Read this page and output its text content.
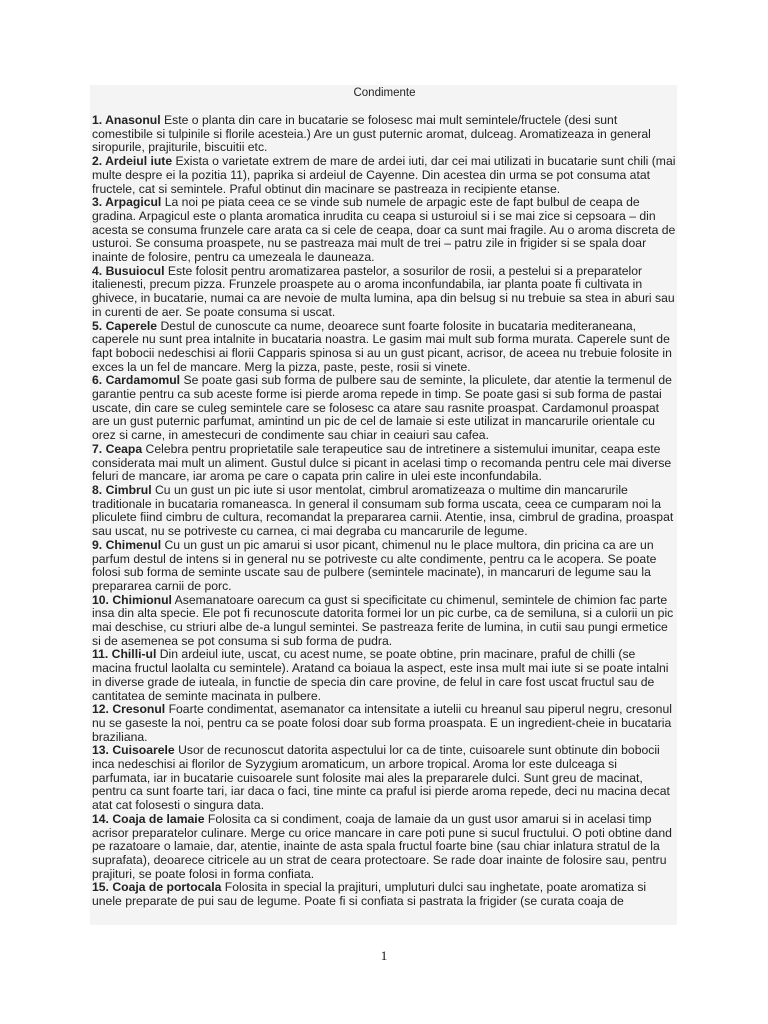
Condimente

1. Anasonul Este o planta din care in bucatarie se folosesc mai mult semintele/fructele (desi sunt comestibile si tulpinile si florile acesteia.) Are un gust puternic aromat, dulceag. Aromatizeaza in general siropurile, prajiturile, biscuitii etc.

2. Ardeiul iute Exista o varietate extrem de mare de ardei iuti, dar cei mai utilizati in bucatarie sunt chili (mai multe despre ei la pozitia 11), paprika si ardeiul de Cayenne. Din acestea din urma se pot consuma atat fructele, cat si semintele. Praful obtinut din macinare se pastreaza in recipiente etanse.

3. Arpagicul La noi pe piata ceea ce se vinde sub numele de arpagic este de fapt bulbul de ceapa de gradina. Arpagicul este o planta aromatica inrudita cu ceapa si usturoiul si i se mai zice si cepsoara – din acesta se consuma frunzele care arata ca si cele de ceapa, doar ca sunt mai fragile. Au o aroma discreta de usturoi. Se consuma proaspete, nu se pastreaza mai mult de trei – patru zile in frigider si se spala doar inainte de folosire, pentru ca umezeala le dauneaza.

4. Busuiocul Este folosit pentru aromatizarea pastelor, a sosurilor de rosii, a pestelui si a preparatelor italienesti, precum pizza. Frunzele proaspete au o aroma inconfundabila, iar planta poate fi cultivata in ghivece, in bucatarie, numai ca are nevoie de multa lumina, apa din belsug si nu trebuie sa stea in aburi sau in curenti de aer. Se poate consuma si uscat.

5. Caperele Destul de cunoscute ca nume, deoarece sunt foarte folosite in bucataria mediteraneana, caperele nu sunt prea intalnite in bucataria noastra. Le gasim mai mult sub forma murata. Caperele sunt de fapt bobocii nedeschisi ai florii Capparis spinosa si au un gust picant, acrisor, de aceea nu trebuie folosite in exces la un fel de mancare. Merg la pizza, paste, peste, rosii si vinete.

6. Cardamomul Se poate gasi sub forma de pulbere sau de seminte, la pliculete, dar atentie la termenul de garantie pentru ca sub aceste forme isi pierde aroma repede in timp. Se poate gasi si sub forma de pastai uscate, din care se culeg semintele care se folosesc ca atare sau rasnite proaspat. Cardamonul proaspat are un gust puternic parfumat, amintind un pic de cel de lamaie si este utilizat in mancarurile orientale cu orez si carne, in amestecuri de condimente sau chiar in ceaiuri sau cafea.

7. Ceapa Celebra pentru proprietatile sale terapeutice sau de intretinere a sistemului imunitar, ceapa este considerata mai mult un aliment. Gustul dulce si picant in acelasi timp o recomanda pentru cele mai diverse feluri de mancare, iar aroma pe care o capata prin calire in ulei este inconfundabila.

8. Cimbrul Cu un gust un pic iute si usor mentolat, cimbrul aromatizeaza o multime din mancarurile traditionale in bucataria romaneasca. In general il consumam sub forma uscata, ceea ce cumparam noi la pliculete fiind cimbru de cultura, recomandat la prepararea carnii. Atentie, insa, cimbrul de gradina, proaspat sau uscat, nu se potriveste cu carnea, ci mai degraba cu mancarurile de legume.

9. Chimenul Cu un gust un pic amarui si usor picant, chimenul nu le place multora, din pricina ca are un parfum destul de intens si in general nu se potriveste cu alte condimente, pentru ca le acopera. Se poate folosi sub forma de seminte uscate sau de pulbere (semintele macinate), in mancaruri de legume sau la prepararea carnii de porc.

10. Chimionul Asemanatoare oarecum ca gust si specificitate cu chimenul, semintele de chimion fac parte insa din alta specie. Ele pot fi recunoscute datorita formei lor un pic curbe, ca de semiluna, si a culorii un pic mai deschise, cu striuri albe de-a lungul semintei. Se pastreaza ferite de lumina, in cutii sau pungi ermetice si de asemenea se pot consuma si sub forma de pudra.

11. Chilli-ul Din ardeiul iute, uscat, cu acest nume, se poate obtine, prin macinare, praful de chilli (se macina fructul laolalta cu semintele). Aratand ca boiaua la aspect, este insa mult mai iute si se poate intalni in diverse grade de iuteala, in functie de specia din care provine, de felul in care fost uscat fructul sau de cantitatea de seminte macinata in pulbere.

12. Cresonul Foarte condimentat, asemanator ca intensitate a iutelii cu hreanul sau piperul negru, cresonul nu se gaseste la noi, pentru ca se poate folosi doar sub forma proaspata. E un ingredient-cheie in bucataria braziliana.

13. Cuisoarele Usor de recunoscut datorita aspectului lor ca de tinte, cuisoarele sunt obtinute din bobocii inca nedeschisi ai florilor de Syzygium aromaticum, un arbore tropical. Aroma lor este dulceaga si parfumata, iar in bucatarie cuisoarele sunt folosite mai ales la prepararele dulci. Sunt greu de macinat, pentru ca sunt foarte tari, iar daca o faci, tine minte ca praful isi pierde aroma repede, deci nu macina decat atat cat folosesti o singura data.

14. Coaja de lamaie Folosita ca si condiment, coaja de lamaie da un gust usor amarui si in acelasi timp acrisor preparatelor culinare. Merge cu orice mancare in care poti pune si sucul fructului. O poti obtine dand pe razatoare o lamaie, dar, atentie, inainte de asta spala fructul foarte bine (sau chiar inlatura stratul de la suprafata), deoarece citricele au un strat de ceara protectoare. Se rade doar inainte de folosire sau, pentru prajituri, se poate folosi in forma confiata.

15. Coaja de portocala Folosita in special la prajituri, umpluturi dulci sau inghetate, poate aromatiza si unele preparate de pui sau de legume. Poate fi si confiata si pastrata la frigider (se curata coaja de

1
